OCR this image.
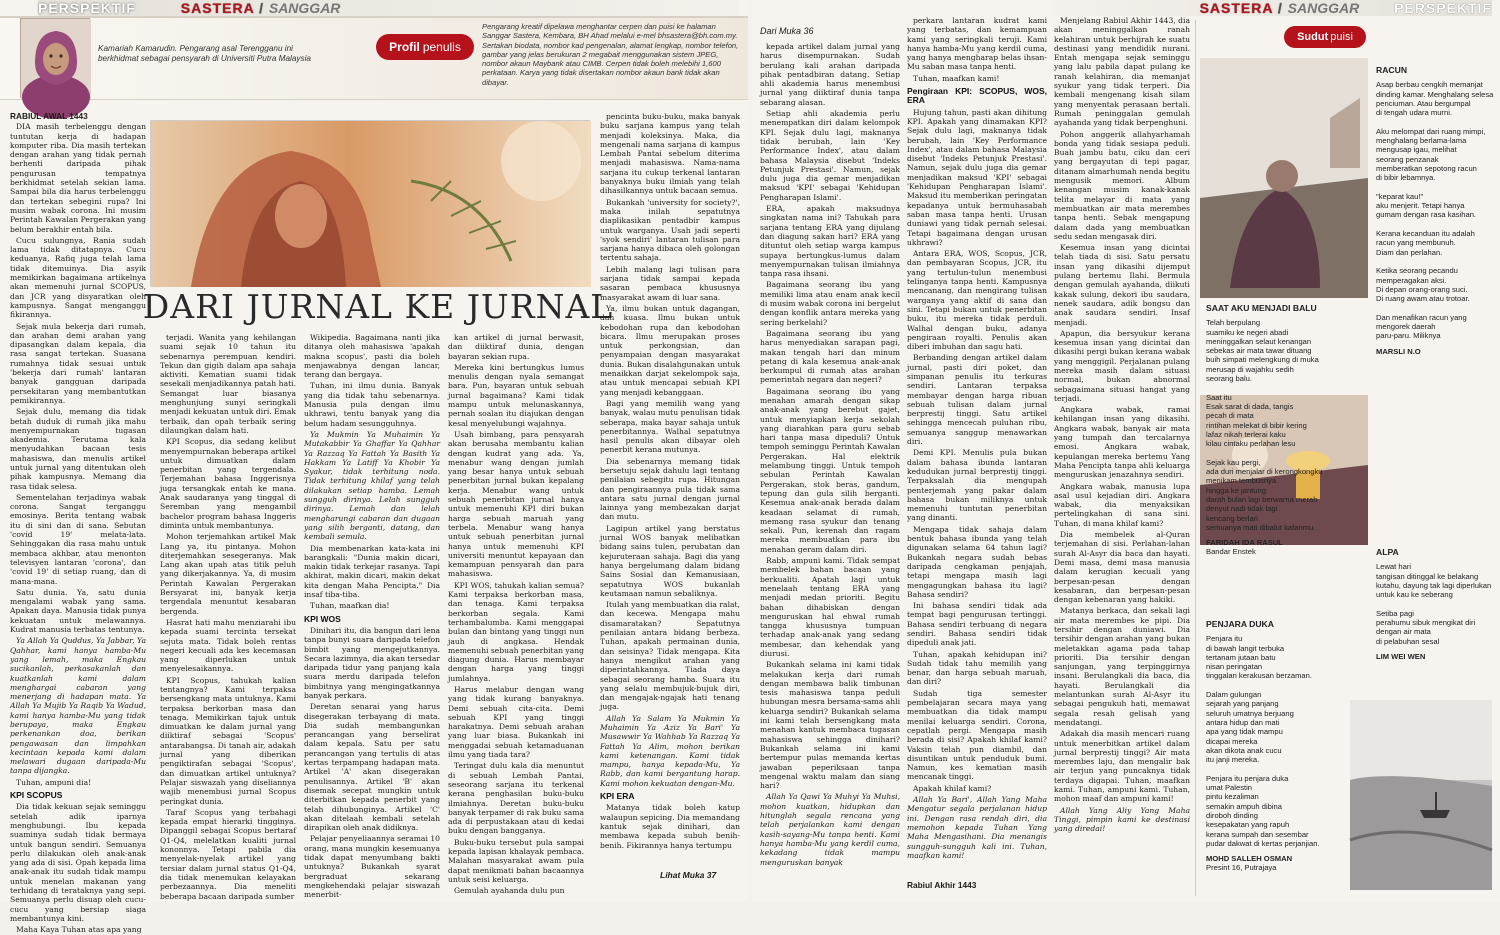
PERSPEKTIF	SASTERA / SANGGAR
Kamariah Kamarudin. Pengarang asal Terengganu ini berkhidmat sebagai pensyarah di Universiti Putra Malaysia
Profil penulis
Pengarang kreatif dipelawa menghantar cerpen dan puisi ke halaman Sanggar Sastera, Kembara, BH Ahad melalui e-mel bhsastera@bh.com.my. Sertakan biodata, nombor kad pengenalan, alamat lengkap, nombor telefon, gambar yang jelas berukuran 2 megabait menggunakan sistem JPEG, nombor akaun Maybank atau CIMB. Cerpen tidak boleh melebihi 1,600 perkataan. Karya yang tidak disertakan nombor akaun bank tidak akan dibayar.
RABIUL AWAL 1443

DIA masih terbelenggu dengan tuntutan kerja di hadapan komputer riba. Dia masih tertekan dengan arahan yang tidak pernah berhenti daripada pihak pengurusan tempatnya berkhidmat setelah sekian lama. Sampai bila dia harus terbelenggu dan tertekan sebegini rupa? Ini musim wabak corona. Ini musim Perintah Kawalan Pergerakan yang belum berakhir entah bila.

Cucu sulungnya, Rania sudah lama tidak ditatapnya. Cucu keduanya, Rafiq juga telah lama tidak ditemuinya. Dia asyik memikirkan bagaimana artikelnya akan memenuhi jurnal SCOPUS, dan JCR yang disyaratkan oleh kampusnya. Sangat menganggu fikirannya.

Sejak mula bekerja dari rumah, dan arahan demi arahan yang dipasangkan dalam kepala, dia rasa sangat tertekan. Suasana rumahnya tidak sesuai untuk 'bekerja dari rumah' lantaran banyak gangguan daripada persekitaran yang membantutkan pemikirannya.

Sejak dulu, memang dia tidak betah duduk di rumah jika mahu menyempurnakan tugasan akademia. Terutama kala menyudahkan bacaan tesis mahasiswa, dan menulis artikel untuk jurnal yang ditentukan oleh pihak kampusnya. Memang dia rasa tidak selesa.

Sementelahan terjadinya wabak corona. Sangat terganggu emosinya. Berita tentang wabak itu di sini dan di sana. Sebutan 'covid 19' melata-lata. Sehinggakan dia rasa mahu untuk membaca akhbar, atau menonton televisyen lantaran 'corona', dan 'covid 19' di setiap ruang, dan di mana-mana.

Satu dunia. Ya, satu dunia mengalami wabak yang sama. Apakan daya. Manusia tidak punya kekuatan untuk melawannya. Kudrat manusia terbatas tentunya.

Ya Allah Ya Quddus, Ya Jabbar, Ya Qahhar, kami hanya hamba-Mu yang lemah, maka Engkau sucikanlah, perkasakanlah dan kuatkanlah kami dalam menghargai cabaran yang menerjang di hadapan mata. Ya Allah Ya Mujib Ya Raqib Ya Wadud, kami hanya hamba-Mu yang tidak berupaya, maka Engkau perkenankan doa, berikan pengawasan dan limpahkan kecintaan kepada kami dalam melawari dugaan daripada-Mu tanpa dijangka.

Tuhan, ampuni dia!

KPI SCOPUS

Dia tidak kekuan sejak seminggu setelah adik iparnya menghubungi. Ibu kepada suaminya sudah tidak bermaya untuk bangun sendiri. Semuanya perlu dilakukan oleh anak-anak yang ada di sisi. Opah kepada lima anak-anak itu sudah tidak mampu untuk menelan makanan yang terhidang di terataknya yang sepi. Semuanya perlu disuap oleh cucu-cucu yang bersiap siaga membantunya kini.

Maha Kaya Tuhan atas apa yang

DARI JURNAL KE JURNAL

terjadi. Wanita yang kehilangan suami sejak 10 tahun itu sebenarnya perempuan kendiri. Tekun dan gigih dalam apa sahaja aktiviti. Kematian suami tidak sesekali menjadikannya patah hati. Semangat luar biasanya menghunjung sunyi seringkali menjadi kekuatan untuk diri. Emak terbaik, dan opah terbaik sering dilaungkan dalam hati.

KPI Scopus, dia sedang kelibut menyempurnakan beberapa artikel untuk dimuatkan dalam penerbitan yang tergendala. Terjemahan bahasa Inggerisnya juga tersangkak entah ke mana. Anak saudaranya yang tinggal di Seremban yang mengambil bachelor program bahasa Inggeris diminta untuk membantunya.

Mohon terjemahkan artikel Mak Lang ya, itu pintanya. Mohon diterjemahkan sesegeranya. Mak Lang akan upah atas titik peluh yang dikerjakannya. Ya, di musim Perintah Kawalan Pergerakan Bersyarat ini, banyak kerja tergendala menuntut kesabaran bergenda.

Hasrat hati mahu menziarahi ibu kepada suami tercinta tersekat sejuta mata. Tidak boleh rentas negeri kecuali ada kes kecemasan yang diperlukan untuk menyelesaikannya.

KPI Scopus, tahukah kalian tentangnya? Kami terpaksa bersengkang mata untuknya. Kami terpaksa berkorban masa dan tenaga. Memikirkan tajuk untuk dimuatkan ke dalam jurnal yang diiktiraf sebagai 'Scopus' antarabangsa. Di tanah air, adakah jurnal yang diberikan pengiktirafan sebagai 'Scopus', dan dimuatkan artikel untuknya? Pelajar siswazah yang diseliannya wajib menembusi jurnal Scopus peringkat dunia.

Taraf Scopus yang terbahagi kepada empat hierarki tingginya. Dipanggil sebagai Scopus bertaraf Q1-Q4, melelatkan kualiti jurnal kononnya. Tetapi pabila dia menyelak-nyelak artikel yang tersiar dalam jurnal status Q1-Q4, dia tidak menemukan kelayakan perbezaannya. Dia meneliti beberapa bacaan daripada sumber

Wikipedia. Bagaimana nanti jika ditanya oleh mahasiswa 'apakah makna scopus', pasti dia boleh menjawabnya dengan lancar, terang dan bergaya.

Tuhan, ini ilmu dunia. Banyak yang dia tidak tahu sebenarnya. Manusia pula dengan ilmu ukhrawi, tentu banyak yang dia belum hadam sesungguhnya.

Ya Mukmin Ya Muhaimin Ya Mutakabbir Ya Ghaffar Ya Qahhar Ya Razzaq Ya Fattah Ya Basith Ya Hakkam Ya Latiff Ya Khobir Ya Syakur, tidak terhitung noda. Tidak terhitung khilaf yang telah dilakukan setiap hamba. Lemah sungguh dirinya. Lelah sungguh dirinya. Lemah dan lelah mengharungi cabaran dan dugaan yang silih berganti, datang, dan kembali semula.

Dia membenarkan kata-kata ini barangkali: "Dunia makin dicari, makin tidak terkejar rasanya. Tapi akhirat, makin dicari, makin dekat kita dengan Maha Pencipta." Dia insaf tiba-tiba.

Tuhan, maafkan dia!

KPI WOS

Dinihari itu, dia bangun dari lena tanpa bunyi suara daripada telefon bimbit yang mengejutkannya. Secara lazimnya, dia akan tersedar daripada tidur yang panjang kala suara merdu daripada telefon bimbitnya yang mengingatkannya banyak perkara.

Deretan senarai yang harus disegerakan terbayang di mata. Dia sudah membangunkan perancangan yang berselirat dalam kepala. Satu per satu perancangan yang tertulis di atas kertas terpampang hadapan mata. Artikel 'A' akan disegerakan penulisannya. Artikel 'B' akan disemak secepat mungkin untuk diterbitkan kepada penerbit yang telah dihubunginya. Artikel 'C' akan ditelaah kembali setelah dirapikan oleh anak didiknya.

Pelajar penyeliaannya seramai 10 orang, mana mungkin kesemuanya tidak dapat menyumbang bakti untuknya? Bukankah syarat bergraduat sekarang mengkehendaki pelajar siswazah menerbit-

kan artikel di jurnal berwasit, dan diiktiraf dunia, dengan bayaran sekian rupa.

Mereka kini bertungkus lumus menulis dengan nyala semangat bara. Pun, bayaran untuk sebuah jurnal bagaimana? Kami tidak mampu untuk melunaskannya, pernah soalan itu diajukan dengan kesal menyelubungi wajahnya.

Usah bimbang, para pensyarah akan berusaha membantu kalian dengan kudrat yang ada. Ya, menabur wang dengan jumlah yang besar hanya untuk sebuah penerbitan jurnal bukan kepalang kerja. Menabur wang untuk sebuah penerbitan jurnal hanya untuk memenuhi KPI diri bukan harga sebuah maruah yang terbela. Menabur wang hanya untuk sebuah penerbitan jurnal hanya untuk memenuhi KPI universiti menuntut kepayaan dan kemampuan pensyarah dan para mahasiswa.

KPI WOS, tahukah kalian semua? Kami terpaksa berkorban masa, dan tenaga. Kami terpaksa berkorban segala. Kami terhambalumba. Kami menggapai bulan dan bintang yang tinggi nun jauh di angkasa. Hendak memenuhi sebuah penerbitan yang diagung dunia. Harus membayar dengan harga yang tinggi jumlahnya.

Harus melabur dengan wang yang tidak kurang banyaknya. Demi sebuah cita-cita. Demi sebuah KPI yang tinggi harakatnya. Demi sebuah arahan yang luar biasa. Bukankah ini menggadai sebuah ketamaduanan ilmu yang tiada tara?

Teringat dulu kala dia menuntut di sebuah Lembah Pantai, seseorang sarjana itu terkenal kerana penghasilan buku-buku ilmiahnya. Deretan buku-buku banyak terpamer di rak buku sama ada di perpustakaan atau di kedai buku dengan bangganya.

Buku-buku tersebut pula sampai kepada lapisan khalayak pembaca. Malahan masyarakat awam pula dapat menikmati bahan bacaannya untuk seisi keluarga.

Gemulah ayahanda dulu pun

pencinta buku-buku, maka banyak buku sarjana kampus yang telah menjadi koleksinya. Maka, dia mengenali nama sarjana di kampus Lembah Pantai sebelum diterima menjadi mahasiswa. Nama-nama sarjana itu cukup terkenal lantaran banyaknya buku ilmiah yang telah dihasilkannya untuk bacaan semua.

Bukankah 'university for society?', maka inilah sepatutnya diaplikasikan pentadbir kampus untuk warganya. Usah jadi seperti 'syok sendiri' lantaran tulisan para sarjana hanya dibaca oleh golongan tertentu sahaja.

Lebih malang lagi tulisan para sarjana tidak sampai kepada sasaran pembaca khususnya masyarakat awam di luar sana.

Ya, ilmu bukan untuk dagangan, dan kuasa. Ilmu bukan untuk kebodohan rupa dan kebodohan bicara. Ilmu merupakan proses untuk perkongsian, dan penyampaian dengan masyarakat dunia. Bukan disalahgunakan untuk menaikkan darjat sekelompok saja, atau untuk mencapai sebuah KPI yang menjadi kebanggaan.

Bagi yang memilih wang yang banyak, walau mutu penulisan tidak seberapa, maka bayar sahaja untuk penerbitannya. Walhal sepatutnya hasil penulis akan dibayar oleh penerbit kerana mutunya.

Dia sebenarnya memang tidak bersetuju sejak dahulu lagi tentang penilaian sebegitu rupa. Hitungan dan pengiraannya pula tidak sama antara satu jurnal dengan jurnal lainnya yang membezakan darjat dan mutu.

Lagipun artikel yang berstatus jurnal WOS banyak melibatkan bidang sains tulen, perubatan dan kejuruteraan sahaja. Bagi dia yang hanya bergelumang dalam bidang Sains Sosial dan Kemanusiaan, sepatutnya WOS bukanlah keutamaan namun sebaliknya.

Itulah yang membuatkan dia ralat, dan kecewa. Mengapa mahu disamaratakan? Sepatutnya penilaian antara bidang berbeza. Tuhan, apakah permainan dunia, dan seisinya? Tidak mengapa. Kita hanya mengikut arahan yang diperintahkannya. Tiada daya sebagai seorang hamba. Suara itu yang selalu membujuk-bujuk diri, dan mengajak-ngajak hati tenang juga.

Allah Ya Salam Ya Mukmin Ya Muhaimin Ya Aziz Ya Bari' Ya Musawwir Ya Wahhab Ya Razzaq Ya Fattah Ya Alim, mohon berikan kami ketenangan. Kami tidak mampu, hanya kepada-Mu, Ya Rabb, dan kami bergantung harap. Kami mohon kekuatan dengan-Mu.

KPI ERA

Matanya tidak boleh katup walaupun sepicing. Dia memandang kantuk sejak dinihari, dan membawa kepada subuh benih-benih. Fikirannya hanya tertumpu

Lihat Muka 37
SASTERA / SANGGAR PERSPEKTIF
Dari Muka 36

kepada artikel dalam jurnal yang harus disempurnakan. Sudah berulang kali arahan daripada pihak pentadbiran datang. Setiap ahli akademia harus menembusi jurnal yang diiktiraf dunia tanpa sebarang alasan.

Setiap ahli akademia perlu menempatkan diri dalam kelompok KPI. Sejak dulu lagi, maknanya tidak berubah, lain 'Key Performance Index', atau dalam bahasa Malaysia disebut 'Indeks Petunjuk Prestasi'. Namun, sejak dulu juga dia gemar menjadikan maksud 'KPI' sebagai 'Kehidupan Pengharapan Islami'.

ERA, apakah maksudnya singkatan nama ini? Tahukah para sarjana tentang ERA yang dijulang dan diagung sakan hari? ERA yang dituntut oleh setiap warga kampus supaya bertungkus-lumus dalam menyempurnakan tulisan ilmiahnya tanpa rasa ihsani.

Bagaimana seorang ibu yang memiliki lima atau enam anak kecil di musim wabak corona ini bergelut dengan konflik antara mereka yang sering berkelahi?

Bagaimana seorang ibu yang harus menyediakan sarapan pagi, makan tengah hari dan minum petang di kala kesemua anak-anak berkumpul di rumah atas arahan pemerintah negara dan negeri?

Bagaimana seorang ibu yang menahan amarah dengan sikap anak-anak yang berebut gajet, untuk menyiapkan kerja sekolah yang diarahkan para guru sebab hari tanpa masa dipeduli? Untuk tempoh seminggu Perintah Kawalan Pergerakan. Hal elektrik melambung tinggi. Untuk tempoh sebulan Perintah Kawalan Pergerakan, stok beras, gandum, tepung dan gula silih berganti. Kesemua anak-anak berada dalam keadaan selamat di rumah, memang rasa syukur dan tenang sekali. Pun, kerenah dan ragam mereka membuatkan para ibu menahan geram dalam diri.

Rabb, ampuni kami. Tidak sempat membelek bahan bacaan yang berkualiti. Apatah lagi untuk menelaah tentang ERA yang menjadi medan prioriti. Begitu bahan dihabiskan dengan menguruskan hal ehwal rumah tangga khususnya tumpuan terhadap anak-anak yang sedang membesar, dan kehendak yang diurusi.

Bukankah selama ini kami tidak melakukan kerja dari rumah dengan membawa balik timbunan tesis mahasiswa tanpa peduli hubungan mesra bersama-sama ahli keluarga sendiri? Bukankah selama ini kami telah bersengkang mata menahan kantuk membaca tugasan mahasiswa sehingga dinihari? Bukankah selama ini kami bertempur pulas memanda kertas jawaban peperiksaan tanpa mengenal waktu malam dan siang hari?

Allah Ya Qawi Ya Muhyi Ya Muhsi, mohon kuatkan, hidupkan dan hitunglah segala rencana yang telah perjalankan kami dengan kasih-sayang-Mu tanpa henti. Kami hanya hamba-Mu yang kerdil cuma, kekadang tidak mampu menguruskan banyak

perkara lantaran kudrat kami yang terbatas, dan kemampuan kami yang seringkali teruji. Kami hanya hamba-Mu yang kerdil cuma, yang hanya mengharap belas ihsan-Mu saban masa tanpa henti.

Tuhan, maafkan kami!

Pengiraan KPI: SCOPUS, WOS, ERA

Hujung tahun, pasti akan dihitung KPI. Apakah yang dinamakan KPI? Sejak dulu lagi, maknanya tidak berubah, lain 'Key Performance Index', atau dalam bahasa Malaysia disebut 'Indeks Petunjuk Prestasi'. Namun, sejak dulu juga dia gemar menjadikan maksud 'KPI' sebagai 'Kehidupan Pengharapan Islami'. Maksud itu memberikan peringatan kepadanya untuk bermuhasabah saban masa tanpa henti. Urusan duniawi yang tidak pernah selesai. Tetapi bagaimana dengan urusan ukhrawi?

Antara ERA, WOS, Scopus, JCR, dan pembayaran Scopus, JCR, itu yang tertulun-tulun menembusi telinganya tanpa henti. Kampusnya mencanang, dan mengirang tulisan warganya yang aktif di sana dan sini. Tetapi bukan untuk penerbitan buku, itu mereka tidak perduli. Walhal dengan buku, adanya pengiraan royalti. Penulis akan diberi imbuhan dan sagu hati.

Berbanding dengan artikel dalam jurnal, pasti diri poket, dan simpanan penulis itu terkuras sendiri. Lantaran terpaksa membayar dengan harga ribuan sebuah tulisan dalam jurnal berprestij tinggi. Satu artikel sehingga mencecah puluhan ribu, semuanya sanggup menawarkan diri.

Demi KPI. Menulis pula bukan dalam bahasa ibunda lantaran kedudukan jurnal berprestij tinggi. Terpaksalah dia mengupah penterjemah yang pakar dalam bahasa bukan miliknya untuk memenuhi tuntutan penerbitan yang dinanti.

Mengapa tidak sahaja dalam bentuk bahasa ibunda yang telah digunakan selama 64 tahun lagi? Bukankah negara sudah bebas daripada cengkaman penjajah, tetapi mengapa masih lagi mengagungkan bahasa itu lagi? Bahasa sendiri?

Ini bahasa sendiri tidak ada tempat bagi pengurusan tertinggi. Bahasa sendiri terbuang di negara sendiri. Bahasa sendiri tidak dipeduli anak jati.

Tuhan, apakah kehidupan ini? Sudah tidak tahu memilih yang benar, dan harga sebuah maruah, dan diri?

Sudah tiga semester pembelajaran secara maya yang membuatkan dia tidak mampu menilai keluarga sendiri. Corona, cepatlah pergi. Mengapa masih berada di sisi? Apakah khilaf kami? Vaksin telah pun diambil, dan disuntikan untuk penduduk bumi. Namun, kes kematian masih mencanak tinggi.

Apakah khilaf kami?

Allah Ya Bari', Allah Yang Maha Mengatur segala perjalanan hidup ini. Dengan rasa rendah diri, dia memohon kepada Tuhan Yang Maha Mengasihani. Dia menangis sungguh-sungguh kali ini. Tuhan, maafkan kami!

Rabiul Akhir 1443

Menjelang Rabiul Akhir 1443, dia akan meninggalkan ranah kelahiran untuk berhijrah ke suatu destinasi yang mendidik nurani. Entah mengapa sejak seminggu yang lalu pabila dapat pulang ke ranah kelahiran, dia memanjat syukur yang tidak terperi. Dia kembali mengenang kisah silam yang menyentak perasaan bertali. Rumah peninggalan gemulah ayahanda yang tidak berpenghuni.

Pohon anggerik allahyarhamah bonda yang tidak sesiapa peduli. Buah jambu batu, ciku dan ceri yang bergayutan di tepi pagar, ditanam almarhumah nenda begitu mengusik memori. Album kenangan musim kanak-kanak telita melayar di mata yang membuatkan air mata merembes tanpa henti. Sebak mengapung dalam dada yang membuatkan sedu sedan mengasak diri.

Kesemua insan yang dicintai telah tiada di sisi. Satu persatu insan yang dikasihi dijemput pulang bertemu Ilahi. Bermula dengan gemulah ayahanda, diikuti kakak sulung, dekori ibu saudara, nenek saudara, adik bongsu dan anak saudara sendiri. Insaf menjadi.

Apapun, dia bersyukur kerana kesemua insan yang dicintai dan dikasihi pergi bukan kerana wabak yang menggigil. Perjalanan pulang mereka masih dalam situasi normal, bukan abnormal sebagaimana situasi hangat yang terjadi.

Angkara wabak, ramai kehilangan insan yang dikasihi. Angkara wabak, banyak air mata yang tumpah dan tercalarnya emosi. Angkara wabak, kepulangan mereka bertemu Yang Maha Pencipta tanpa ahli keluarga menguruskan jenazahnya sendiri.

Angkara wabak, manusia lupa asal usul kejadian diri. Angkara wabak, dia menyaksikan pertelingkahan di sana sini. Tuhan, di mana khilaf kami?

Dia membelek al-Quran terjemahan di sisi. Perlahan-lahan surah Al-Asyr dia baca dan hayati. Demi masa, demi masa manusia dalam kerugian kecuali yang berpesan-pesan dengan kesabaran, dan berpesan-pesan dengan kebenaran yang hakiki.

Matanya berkaca, dan sekali lagi air mata merembes ke pipi. Dia tersihir dengan duniawi. Dia tersihir dengan arahan yang bukan meletakkan agama pada tahap prioriti. Dia tersihir dengan sanjungan, yang terpinggirnya insani. Berulangkali dia baca, dia hayati. Berulangkali dia melantunkan surah Al-Asyr itu sebagai pengukuh hati, memawat segala resah gelisah yang mendatangi.

Adakah dia masih mencari ruang untuk menerbitkan artikel dalam jurnal berprestij tinggi? Air mata merembes laju, dan mengalir bak air terjun yang puncaknya tidak terdaya digapai. Tuhan, maafkan kami. Tuhan, ampuni kami. Tuhan, mohon maaf dan ampuni kami!

Allah Yang Aliy Yang Maha Tinggi, pimpin kami ke destinasi yang diredai!

Sudut puisi
RACUN
Asap berbau cengkih memanjat
dinding kamar. Menghalang selesa
penciuman. Atau bergumpal
di tengah udara murni.

Aku melompat dari ruang mimpi,
menghalang berlama-lama
mengusap igau, melihat
seorang penzanak
memberatkan sepotong racun
di bibir lebamnya.

"keparat kau!"
aku menjerit. Tetapi hanya
gumam dengan rasa kasihan.

Kerana kecanduan itu adalah
racun yang membunuh.
Diam dan perlahan.

Ketika seorang pecandu
memperagakan aksi.
Di depan orang-orang suci.
Di ruang awam atau trotoar.

Dan menafikan racun yang
mengorek daerah
paru-paru. Miliknya
MARSLI N.O
SAAT AKU MENJADI BALU
Telah berpulang
suamiku ke negeri abadi
meninggalkan selaut kenangan
sebekas air mata tawar dituang
buih simpati melengkung di muka
merusap di wajahku sedih
seorang balu.

Saat itu
Esak sarat di dada, tangis
pecah di mata
rintihan melekat di bibir kering
lafaz nikah terlerai kaku
kilau cintaku perlahan lesu

Sejak kau pergi,
ada duri menjalar di kerongkongku
menikam tembusnya
hingga ke jantung
darah bulan lagi berwarna merah
denyut nadi tidak lagi
kencang berlari
semuanya mati dibalut kafanmu.
FARIDAH IDA RASUL
Bandar Enstek	ALPA
Lewat hari
tangisan ditinggal ke belakang
kutahu, dayung tak lagi diperlukan
untuk kau ke seberang

Setiba pagi
perahumu sibuk mengikat diri
dengan air mata
di pelabuhan sesal
LIM WEI WEN
PENJARA DUKA
Penjara itu
di bawah langit terbuka
tertanam jutaan batu
nisan peringatan
tinggalan kerakusan berzaman.

Dalam gulungan
sejarah yang panjang
seluruh umatnya berjuang
antara hidup dan mati
apa yang tidak mampu
dicapai mereka
akan dikota anak cucu
itu janji mereka.

Penjara itu penjara duka
umat Palestin
pintu kezaliman
semakin ampuh dibina
diroboh dinding
kesepakatan yang rapuh
kerana sumpah dan sesembar
pudar dakwat di kertas perjanjian.
MOHD SALLEH OSMAN
Presint 16, Putrajaya
